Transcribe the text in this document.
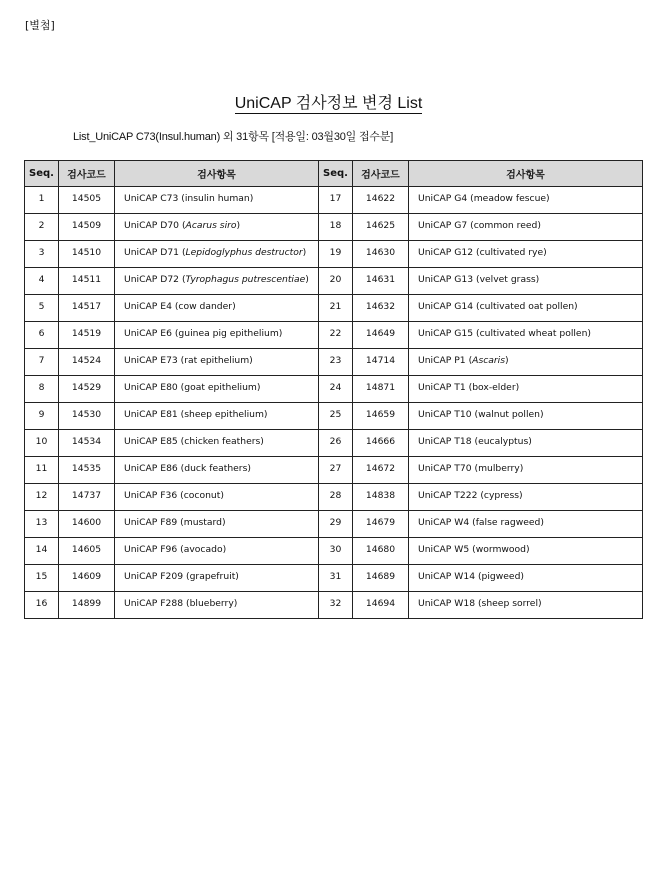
[별첨]
UniCAP 검사정보 변경 List
List_UniCAP C73(Insul.human) 외 31항목 [적용일: 03월30일 접수분]
Seq.	검사코드	검사항목	Seq.	검사코드	검사항목
1	14505	UniCAP C73 (insulin human)	17	14622	UniCAP G4 (meadow fescue)
2	14509	UniCAP D70 (Acarus siro)	18	14625	UniCAP G7 (common reed)
3	14510	UniCAP D71 (Lepidoglyphus destructor)	19	14630	UniCAP G12 (cultivated rye)
4	14511	UniCAP D72 (Tyrophagus putrescentiae)	20	14631	UniCAP G13 (velvet grass)
5	14517	UniCAP E4 (cow dander)	21	14632	UniCAP G14 (cultivated oat pollen)
6	14519	UniCAP E6 (guinea pig epithelium)	22	14649	UniCAP G15 (cultivated wheat pollen)
7	14524	UniCAP E73 (rat epithelium)	23	14714	UniCAP P1 (Ascaris)
8	14529	UniCAP E80 (goat epithelium)	24	14871	UniCAP T1 (box-elder)
9	14530	UniCAP E81 (sheep epithelium)	25	14659	UniCAP T10 (walnut pollen)
10	14534	UniCAP E85 (chicken feathers)	26	14666	UniCAP T18 (eucalyptus)
11	14535	UniCAP E86 (duck feathers)	27	14672	UniCAP T70 (mulberry)
12	14737	UniCAP F36 (coconut)	28	14838	UniCAP T222 (cypress)
13	14600	UniCAP F89 (mustard)	29	14679	UniCAP W4 (false ragweed)
14	14605	UniCAP F96 (avocado)	30	14680	UniCAP W5 (wormwood)
15	14609	UniCAP F209 (grapefruit)	31	14689	UniCAP W14 (pigweed)
16	14899	UniCAP F288 (blueberry)	32	14694	UniCAP W18 (sheep sorrel)
